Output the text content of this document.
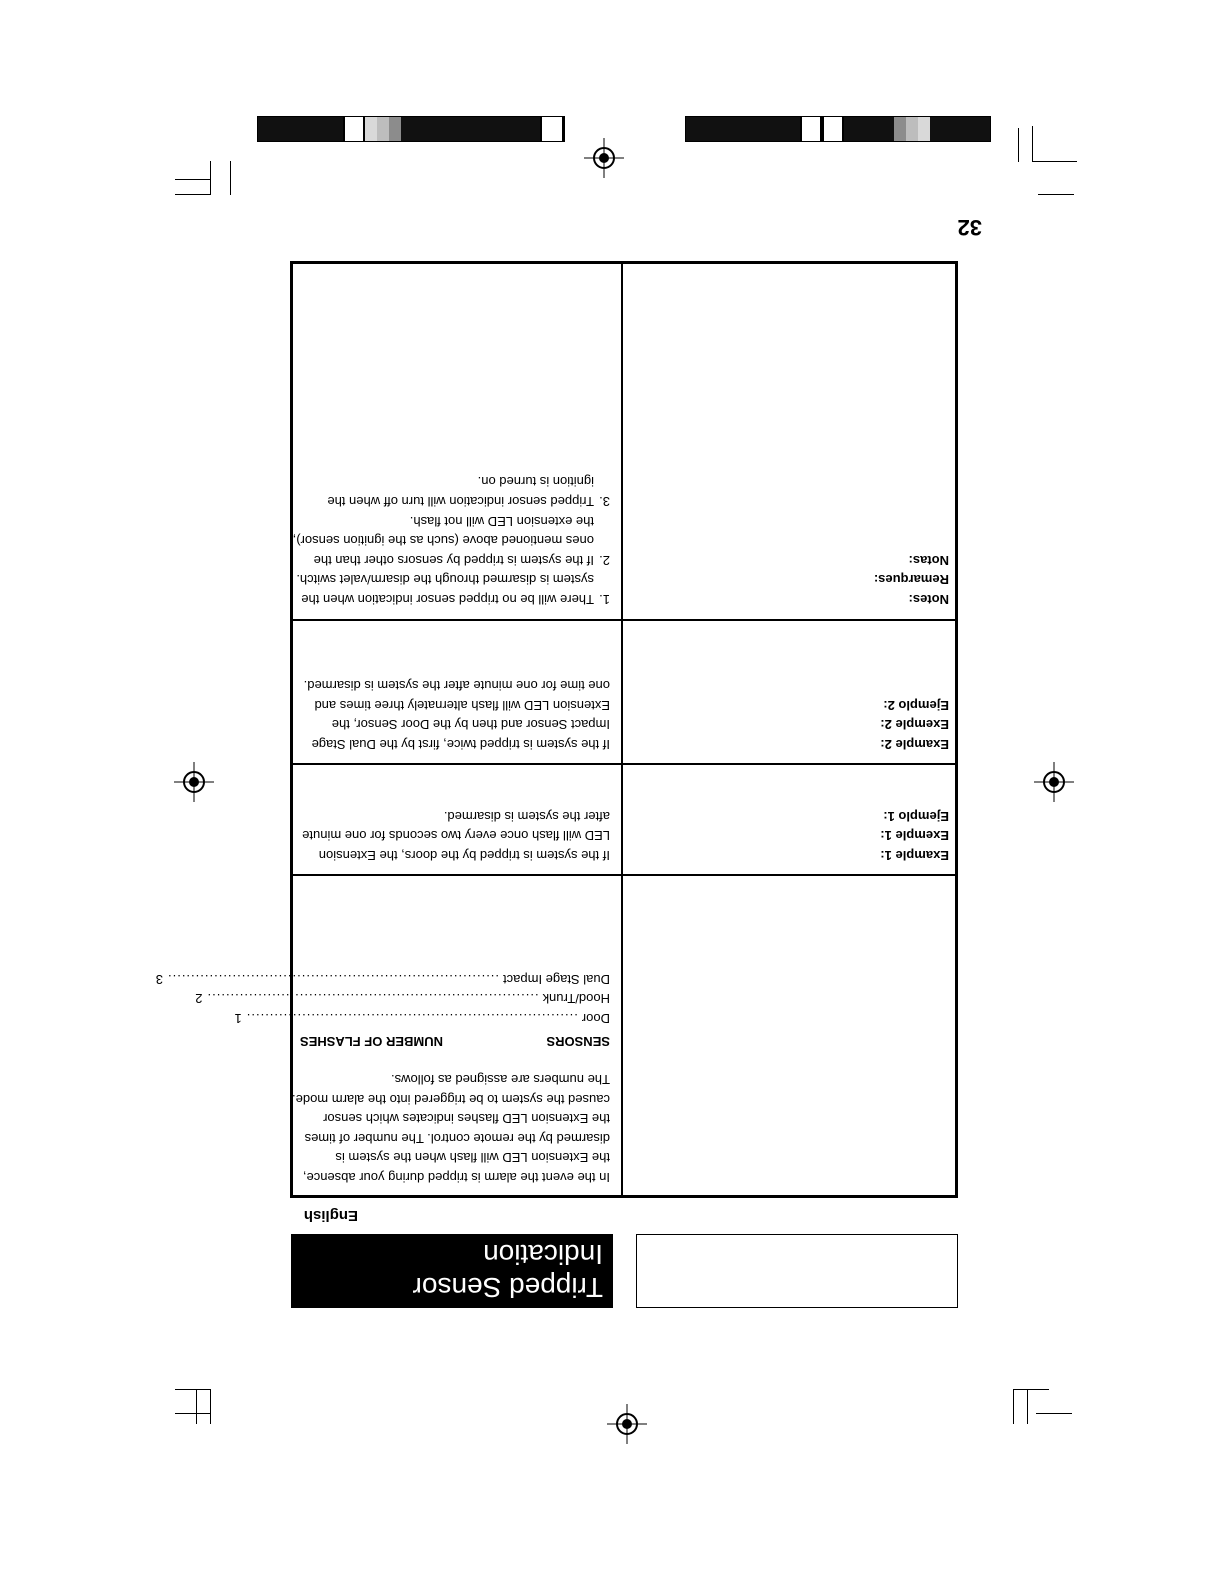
32
Tripped Sensor
Indication
English
In the event the alarm is tripped during your absence, the Extension LED will flash when the system is disarmed by the remote control. The number of times the Extension LED flashes indicates which sensor caused the system to be triggered into the alarm mode. The numbers are assigned as follows.
SENSORS
NUMBER OF FLASHES
Door
........................................................................
1
Hood/Trunk
........................................................................
2
Dual Stage Impact
........................................................................
3
Example 1:
Exemple 1:
Ejemplo 1:
If the system is tripped by the doors, the Extension LED will flash once every two seconds for one minute after the system is disarmed.
Example 2:
Exemple 2:
Ejemplo 2:
If the system is tripped twice, first by the Dual Stage Impact Sensor and then by the Door Sensor, the Extension LED will flash alternately three times and one time for one minute after the system is disarmed.
Notes:
Remarques:
Notas:
1.
There will be no tripped sensor indication when the system is disarmed through the disarm/valet switch.
2.
If the system is tripped by sensors other than the ones mentioned above (such as the ignition sensor), the extension LED will not flash.
3.
Tripped sensor indication will turn off when the ignition is turned on.
